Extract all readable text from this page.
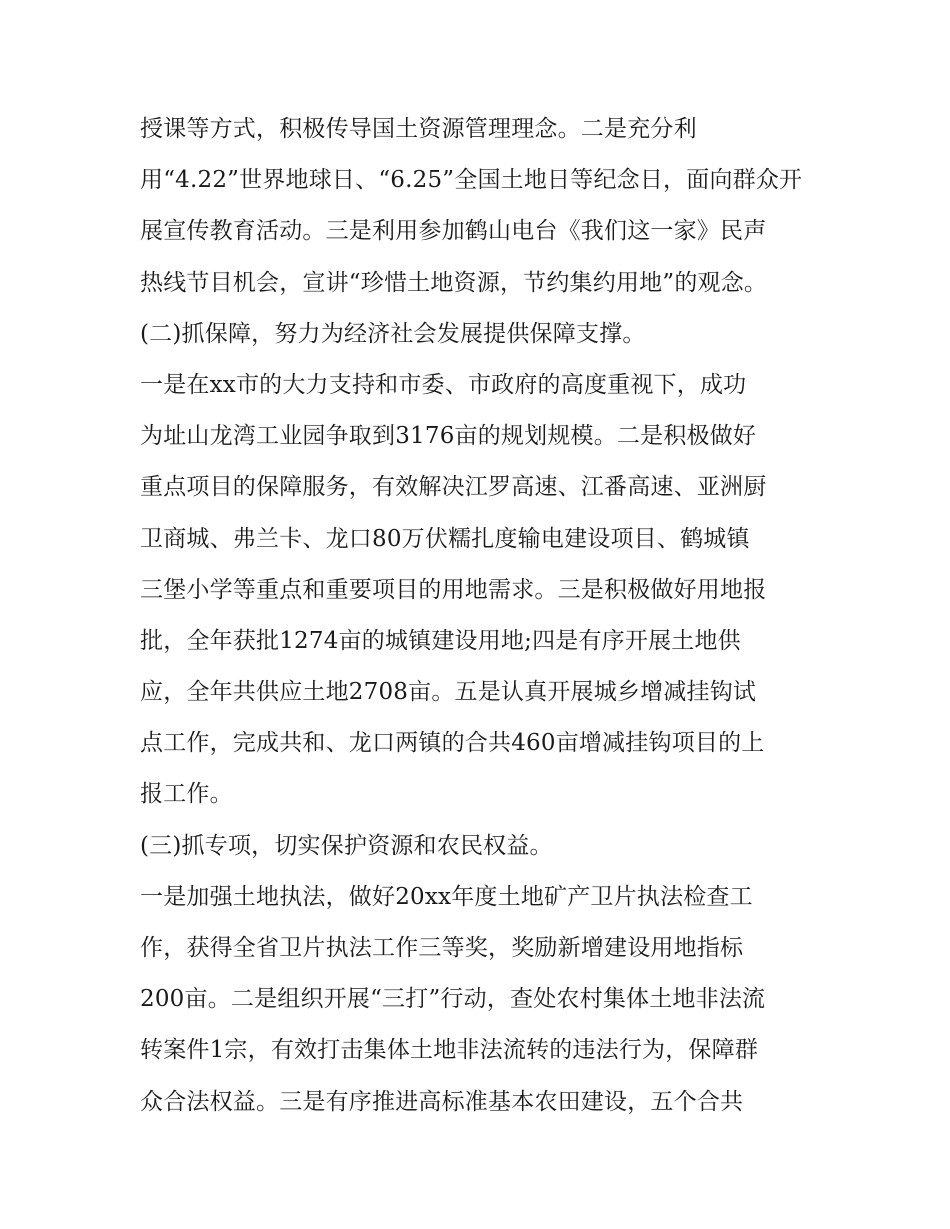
授课等方式，积极传导国土资源管理理念。二是充分利
用“4.22”世界地球日、“6.25”全国土地日等纪念日，面向群众开
展宣传教育活动。三是利用参加鹤山电台《我们这一家》民声
热线节目机会，宣讲“珍惜土地资源，节约集约用地”的观念。
(二)抓保障，努力为经济社会发展提供保障支撑。
一是在xx市的大力支持和市委、市政府的高度重视下，成功
为址山龙湾工业园争取到3176亩的规划规模。二是积极做好
重点项目的保障服务，有效解决江罗高速、江番高速、亚洲厨
卫商城、弗兰卡、龙口80万伏糯扎度输电建设项目、鹤城镇
三堡小学等重点和重要项目的用地需求。三是积极做好用地报
批，全年获批1274亩的城镇建设用地;四是有序开展土地供
应，全年共供应土地2708亩。五是认真开展城乡增减挂钩试
点工作，完成共和、龙口两镇的合共460亩增减挂钩项目的上
报工作。
(三)抓专项，切实保护资源和农民权益。
一是加强土地执法，做好20xx年度土地矿产卫片执法检查工
作，获得全省卫片执法工作三等奖，奖励新增建设用地指标
200亩。二是组织开展“三打”行动，查处农村集体土地非法流
转案件1宗，有效打击集体土地非法流转的违法行为，保障群
众合法权益。三是有序推进高标准基本农田建设，五个合共
